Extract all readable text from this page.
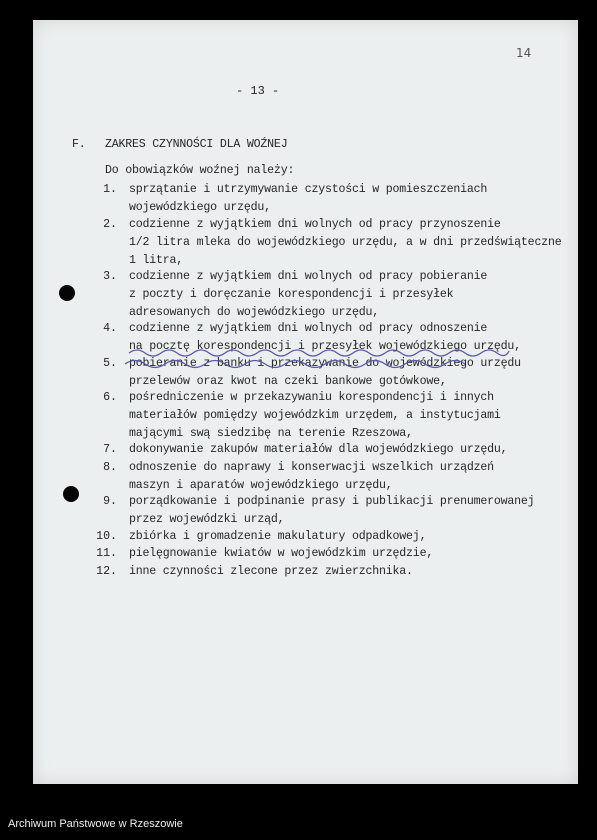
14
- 13 -
F. ZAKRES CZYNNOŚCI DLA WOŹNEJ
Do obowiązków woźnej należy:
1. sprzątanie i utrzymywanie czystości w pomieszczeniach
wojewódzkiego urzędu,
2. codzienne z wyjątkiem dni wolnych od pracy przynoszenie
1/2 litra mleka do wojewódzkiego urzędu, a w dni przedświąteczne
1 litra,
3. codzienne z wyjątkiem dni wolnych od pracy pobieranie
z poczty i doręczanie korespondencji i przesyłek
adresowanych do wojewódzkiego urzędu,
4. codzienne z wyjątkiem dni wolnych od pracy odnoszenie
na pocztę korespondencji i przesyłek wojewódzkiego urzędu,
5. pobieranie z banku i przekazywanie do wojewódzkiego urzędu
przelewów oraz kwot na czeki bankowe gotówkowe,
6. pośredniczenie w przekazywaniu korespondencji i innych
materiałów pomiędzy wojewódzkim urzędem, a instytucjami
mającymi swą siedzibę na terenie Rzeszowa,
7. dokonywanie zakupów materiałów dla wojewódzkiego urzędu,
8. odnoszenie do naprawy i konserwacji wszelkich urządzeń
maszyn i aparatów wojewódzkiego urzędu,
9. porządkowanie i podpinanie prasy i publikacji prenumerowanej
przez wojewódzki urząd,
10. zbiórka i gromadzenie makulatury odpadkowej,
11. pielęgnowanie kwiatów w wojewódzkim urzędzie,
12. inne czynności zlecone przez zwierzchnika.
Archiwum Państwowe w Rzeszowie
